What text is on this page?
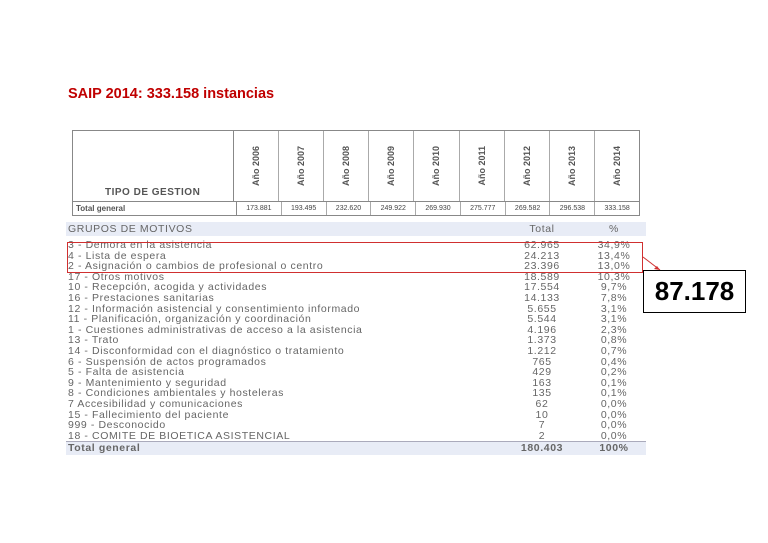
SAIP 2014: 333.158 instancias
TIPO DE GESTION
Año 2006	Año 2007	Año 2008	Año 2009	Año 2010	Año 2011	Año 2012	Año 2013	Año 2014
Total general	173.881	193.495	232.620	249.922	269.930	275.777	269.582	296.538	333.158
GRUPOS DE MOTIVOS	Total	%
3 - Demora en la asistencia	62.965	34,9%
4 - Lista de espera	24.213	13,4%
2 - Asignación o cambios de profesional o centro	23.396	13,0%
17 - Otros motivos	18.589	10,3%
10 - Recepción, acogida y actividades	17.554	9,7%
16 - Prestaciones sanitarias	14.133	7,8%
12 - Información asistencial y consentimiento informado	5.655	3,1%
11 - Planificación, organización y coordinación	5.544	3,1%
1 - Cuestiones administrativas de acceso a la asistencia	4.196	2,3%
13 - Trato	1.373	0,8%
14 - Disconformidad con el diagnóstico o tratamiento	1.212	0,7%
6 - Suspensión de actos programados	765	0,4%
5 - Falta de asistencia	429	0,2%
9 - Mantenimiento y seguridad	163	0,1%
8 - Condiciones ambientales y hosteleras	135	0,1%
7 Accesibilidad y comunicaciones	62	0,0%
15 - Fallecimiento del paciente	10	0,0%
999 - Desconocido	7	0,0%
18 - COMITE DE BIOETICA ASISTENCIAL	2	0,0%
Total general	180.403	100%
87.178
